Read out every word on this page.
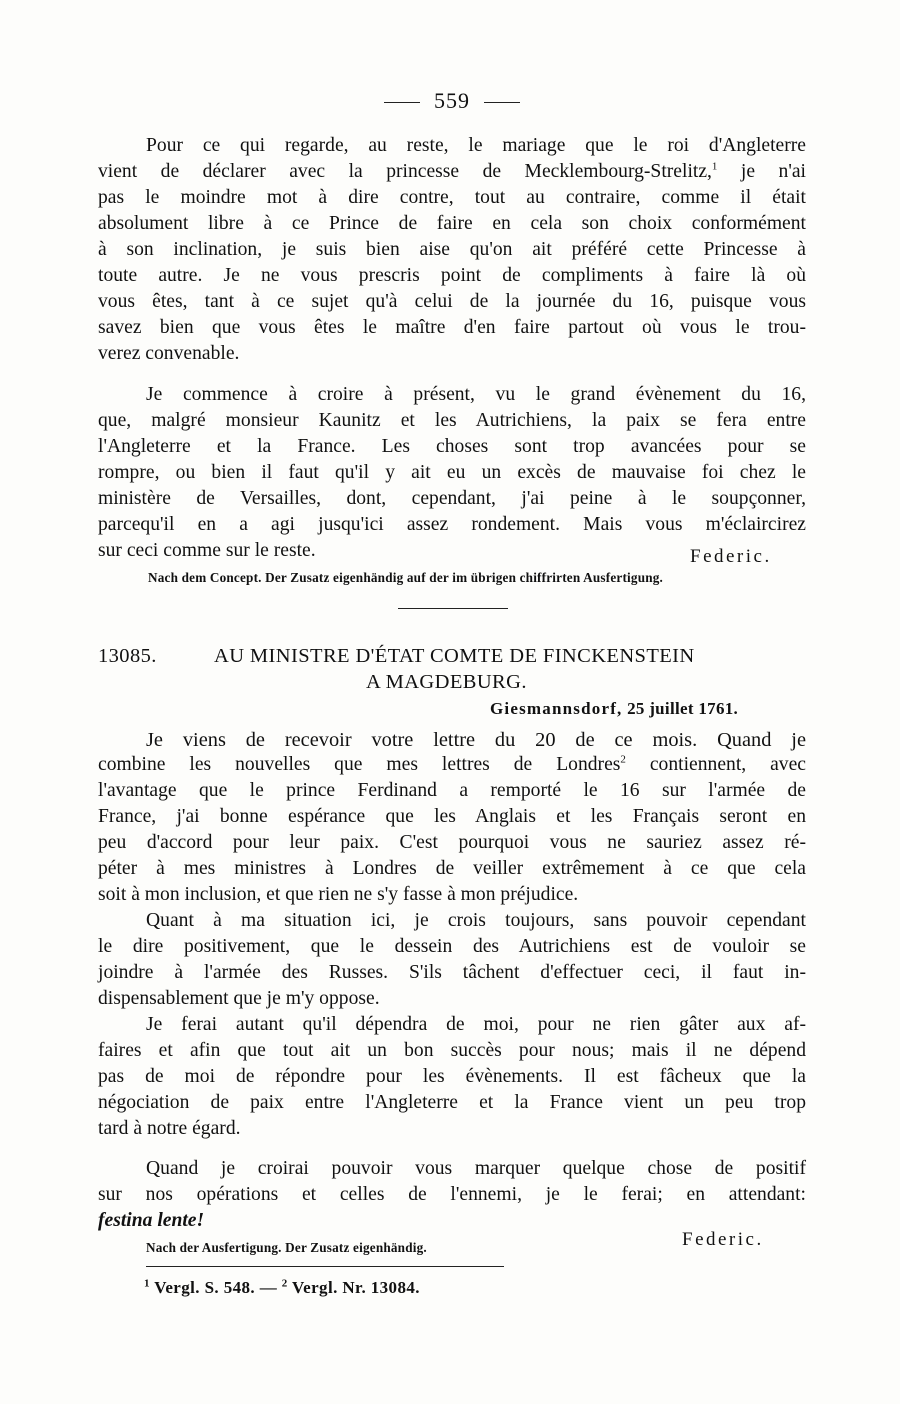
559
Pour ce qui regarde, au reste, le mariage que le roi d'Angleterre
vient de déclarer avec la princesse de Mecklembourg-Strelitz,$^1$ je n'ai
pas le moindre mot à dire contre, tout au contraire, comme il était
absolument libre à ce Prince de faire en cela son choix conformément
à son inclination, je suis bien aise qu'on ait préféré cette Princesse à
toute autre. Je ne vous prescris point de compliments à faire là où
vous êtes, tant à ce sujet qu'à celui de la journée du 16, puisque vous
savez bien que vous êtes le maître d'en faire partout où vous le trou-
verez convenable.
Je commence à croire à présent, vu le grand évènement du 16,
que, malgré monsieur Kaunitz et les Autrichiens, la paix se fera entre
l'Angleterre et la France. Les choses sont trop avancées pour se
rompre, ou bien il faut qu'il y ait eu un excès de mauvaise foi chez le
ministère de Versailles, dont, cependant, j'ai peine à le soupçonner,
parcequ'il en a agi jusqu'ici assez rondement. Mais vous m'éclaircirez
sur ceci comme sur le reste.	Federic.
Nach dem Concept. Der Zusatz eigenhändig auf der im übrigen chiffrirten Ausfertigung.
13085.	AU MINISTRE D'ÉTAT COMTE DE FINCKENSTEIN
A MAGDEBURG.
Giesmannsdorf, 25 juillet 1761.
Je viens de recevoir votre lettre du 20 de ce mois. Quand je
combine les nouvelles que mes lettres de Londres$^2$ contiennent, avec
l'avantage que le prince Ferdinand a remporté le 16 sur l'armée de
France, j'ai bonne espérance que les Anglais et les Français seront en
peu d'accord pour leur paix. C'est pourquoi vous ne sauriez assez ré-
péter à mes ministres à Londres de veiller extrêmement à ce que cela
soit à mon inclusion, et que rien ne s'y fasse à mon préjudice.
Quant à ma situation ici, je crois toujours, sans pouvoir cependant
le dire positivement, que le dessein des Autrichiens est de vouloir se
joindre à l'armée des Russes. S'ils tâchent d'effectuer ceci, il faut in-
dispensablement que je m'y oppose.
Je ferai autant qu'il dépendra de moi, pour ne rien gâter aux af-
faires et afin que tout ait un bon succès pour nous; mais il ne dépend
pas de moi de répondre pour les évènements. Il est fâcheux que la
négociation de paix entre l'Angleterre et la France vient un peu trop
tard à notre égard.
Quand je croirai pouvoir vous marquer quelque chose de positif
sur nos opérations et celles de l'ennemi, je le ferai; en attendant:
festina lente!
Federic.
Nach der Ausfertigung. Der Zusatz eigenhändig.
$^1$ Vergl. S. 548. — $^2$ Vergl. Nr. 13084.
